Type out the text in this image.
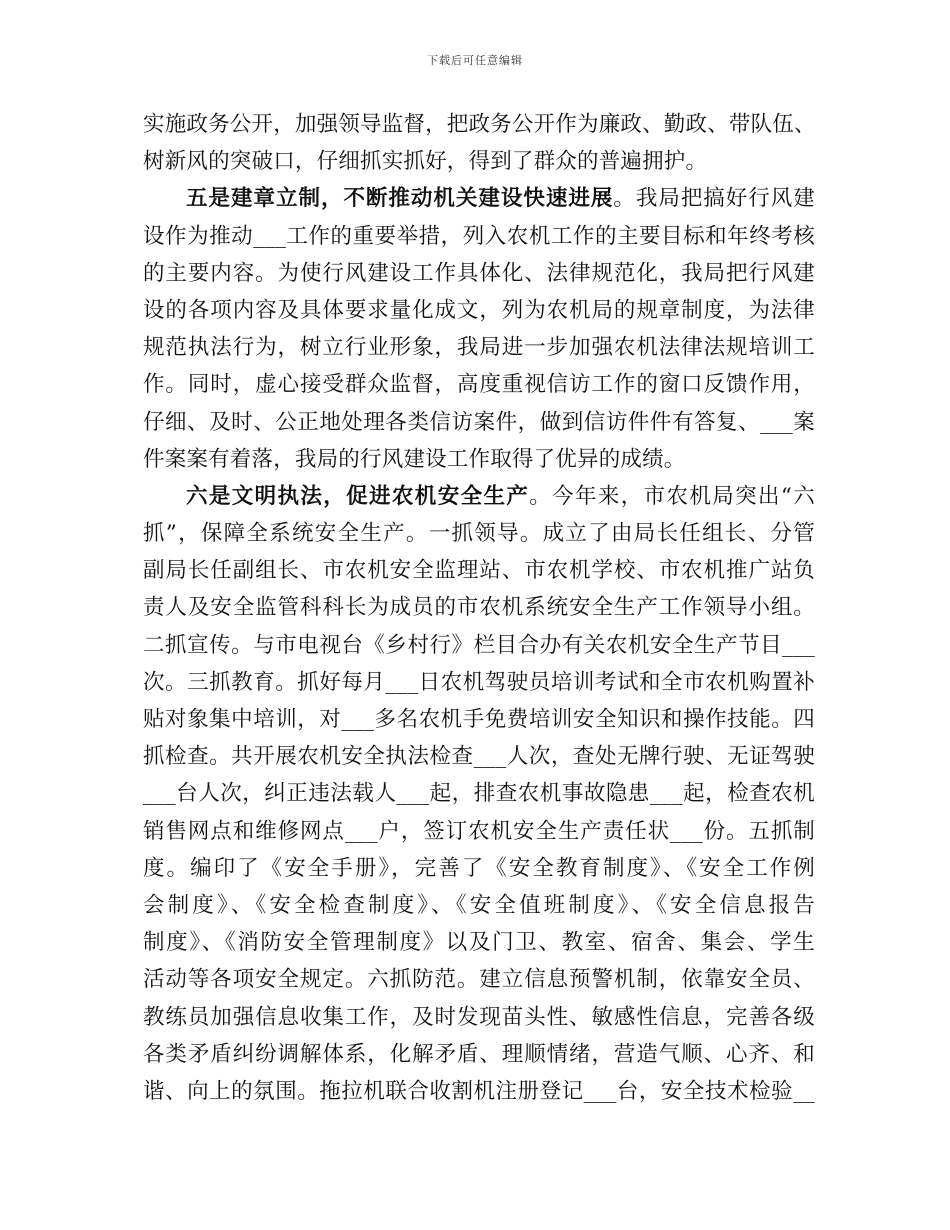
下载后可任意编辑
实施政务公开，加强领导监督，把政务公开作为廉政、勤政、带队伍、
树新风的突破口，仔细抓实抓好，得到了群众的普遍拥护。
五是建章立制，不断推动机关建设快速进展。我局把搞好行风建
设作为推动___工作的重要举措，列入农机工作的主要目标和年终考核
的主要内容。为使行风建设工作具体化、法律规范化，我局把行风建
设的各项内容及具体要求量化成文，列为农机局的规章制度，为法律
规范执法行为，树立行业形象，我局进一步加强农机法律法规培训工
作。同时，虚心接受群众监督，高度重视信访工作的窗口反馈作用，
仔细、及时、公正地处理各类信访案件，做到信访件件有答复、___案
件案案有着落，我局的行风建设工作取得了优异的成绩。
六是文明执法，促进农机安全生产。今年来，市农机局突出“六
抓”，保障全系统安全生产。一抓领导。成立了由局长任组长、分管
副局长任副组长、市农机安全监理站、市农机学校、市农机推广站负
责人及安全监管科科长为成员的市农机系统安全生产工作领导小组。
二抓宣传。与市电视台《乡村行》栏目合办有关农机安全生产节目___
次。三抓教育。抓好每月___日农机驾驶员培训考试和全市农机购置补
贴对象集中培训，对___多名农机手免费培训安全知识和操作技能。四
抓检查。共开展农机安全执法检查___人次，查处无牌行驶、无证驾驶
___台人次，纠正违法载人___起，排查农机事故隐患___起，检查农机
销售网点和维修网点___户，签订农机安全生产责任状___份。五抓制
度。编印了《安全手册》，完善了《安全教育制度》、《安全工作例
会制度》、《安全检查制度》、《安全值班制度》、《安全信息报告
制度》、《消防安全管理制度》以及门卫、教室、宿舍、集会、学生
活动等各项安全规定。六抓防范。建立信息预警机制，依靠安全员、
教练员加强信息收集工作，及时发现苗头性、敏感性信息，完善各级
各类矛盾纠纷调解体系，化解矛盾、理顺情绪，营造气顺、心齐、和
谐、向上的氛围。拖拉机联合收割机注册登记___台，安全技术检验__
